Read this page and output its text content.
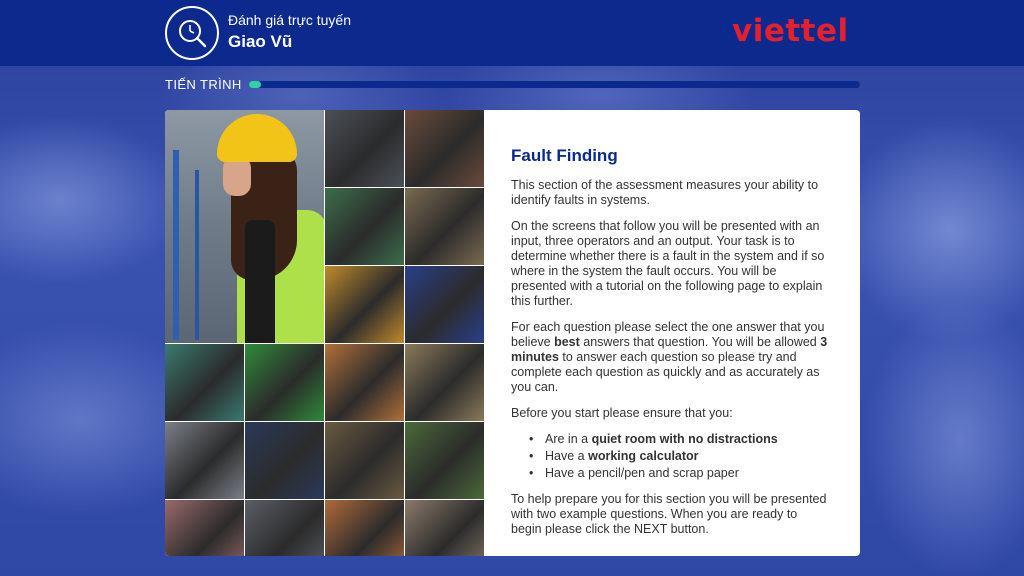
Đánh giá trực tuyến
Giao Vũ	viettel
TIẾN TRÌNH
Fault Finding

This section of the assessment measures your ability to identify faults in systems.

On the screens that follow you will be presented with an input, three operators and an output. Your task is to determine whether there is a fault in the system and if so where in the system the fault occurs. You will be presented with a tutorial on the following page to explain this further.

For each question please select the one answer that you believe best answers that question. You will be allowed 3 minutes to answer each question so please try and complete each question as quickly and as accurately as you can.

Before you start please ensure that you:

• Are in a quiet room with no distractions
• Have a working calculator
• Have a pencil/pen and scrap paper

To help prepare you for this section you will be presented with two example questions. When you are ready to begin please click the NEXT button.
